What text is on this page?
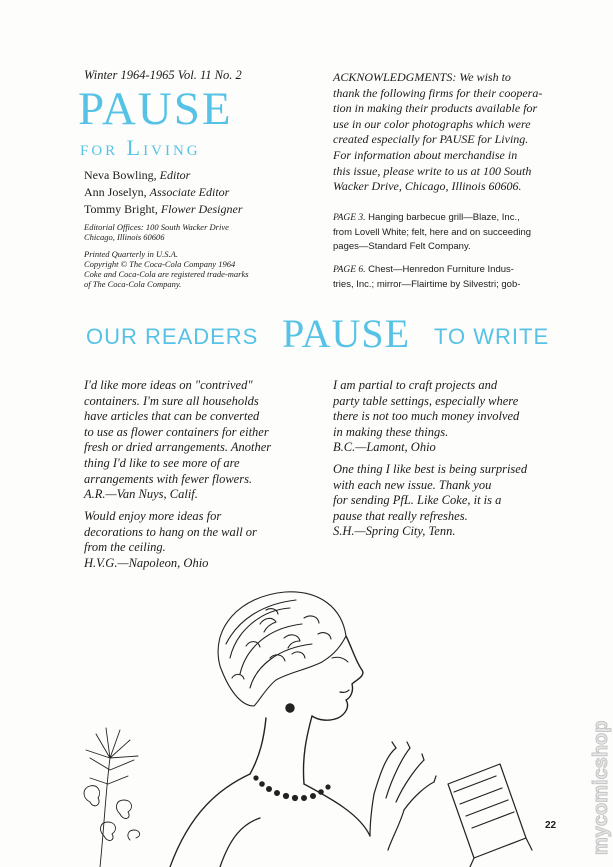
Winter 1964-1965 Vol. 11 No. 2
PAUSE
for Living
Neva Bowling, Editor
Ann Joselyn, Associate Editor
Tommy Bright, Flower Designer
Editorial Offices: 100 South Wacker Drive
Chicago, Illinois 60606
Printed Quarterly in U.S.A.
Copyright © The Coca-Cola Company 1964
Coke and Coca-Cola are registered trade-marks
of The Coca-Cola Company.
ACKNOWLEDGMENTS: We wish to
thank the following firms for their coopera-
tion in making their products available for
use in our color photographs which were
created especially for PAUSE for Living.
For information about merchandise in
this issue, please write to us at 100 South
Wacker Drive, Chicago, Illinois 60606.
PAGE 3. Hanging barbecue grill—Blaze, Inc.,
from Lovell White; felt, here and on succeeding
pages—Standard Felt Company.
PAGE 6. Chest—Henredon Furniture Indus-
tries, Inc.; mirror—Flairtime by Silvestri; gob-
OUR READERS PAUSE TO WRITE
I'd like more ideas on "contrived"
containers. I'm sure all households
have articles that can be converted
to use as flower containers for either
fresh or dried arrangements. Another
thing I'd like to see more of are
arrangements with fewer flowers.
A.R.—Van Nuys, Calif.
Would enjoy more ideas for
decorations to hang on the wall or
from the ceiling.
H.V.G.—Napoleon, Ohio
I am partial to craft projects and
party table settings, especially where
there is not too much money involved
in making these things.
B.C.—Lamont, Ohio
One thing I like best is being surprised
with each new issue. Thank you
for sending PfL. Like Coke, it is a
pause that really refreshes.
S.H.—Spring City, Tenn.
22 mycomicshop
